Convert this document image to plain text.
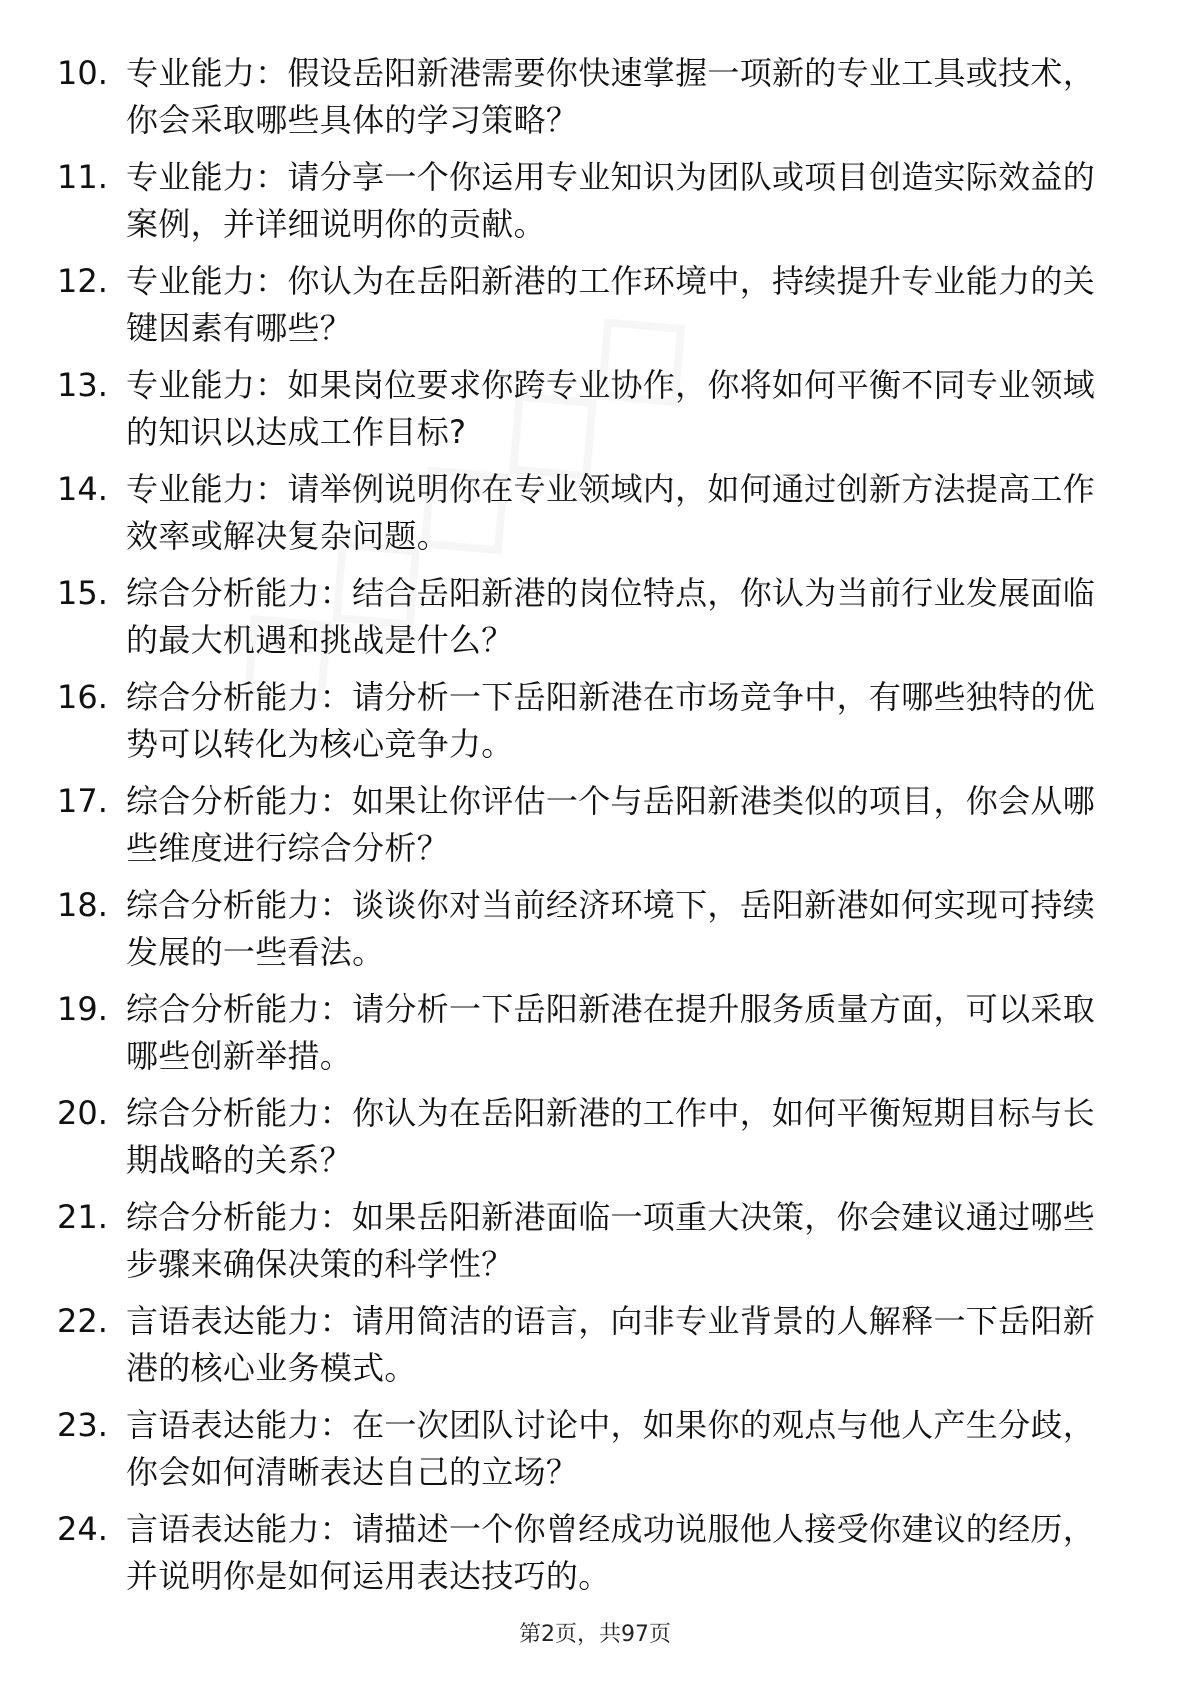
10. 专业能力：假设岳阳新港需要你快速掌握一项新的专业工具或技术，你会采取哪些具体的学习策略？
11. 专业能力：请分享一个你运用专业知识为团队或项目创造实际效益的案例，并详细说明你的贡献。
12. 专业能力：你认为在岳阳新港的工作环境中，持续提升专业能力的关键因素有哪些？
13. 专业能力：如果岗位要求你跨专业协作，你将如何平衡不同专业领域的知识以达成工作目标?
14. 专业能力：请举例说明你在专业领域内，如何通过创新方法提高工作效率或解决复杂问题。
15. 综合分析能力：结合岳阳新港的岗位特点，你认为当前行业发展面临的最大机遇和挑战是什么？
16. 综合分析能力：请分析一下岳阳新港在市场竞争中，有哪些独特的优势可以转化为核心竞争力。
17. 综合分析能力：如果让你评估一个与岳阳新港类似的项目，你会从哪些维度进行综合分析？
18. 综合分析能力：谈谈你对当前经济环境下，岳阳新港如何实现可持续发展的一些看法。
19. 综合分析能力：请分析一下岳阳新港在提升服务质量方面，可以采取哪些创新举措。
20. 综合分析能力：你认为在岳阳新港的工作中，如何平衡短期目标与长期战略的关系？
21. 综合分析能力：如果岳阳新港面临一项重大决策，你会建议通过哪些步骤来确保决策的科学性？
22. 言语表达能力：请用简洁的语言，向非专业背景的人解释一下岳阳新港的核心业务模式。
23. 言语表达能力：在一次团队讨论中，如果你的观点与他人产生分歧，你会如何清晰表达自己的立场？
24. 言语表达能力：请描述一个你曾经成功说服他人接受你建议的经历，并说明你是如何运用表达技巧的。
第2页，共97页
